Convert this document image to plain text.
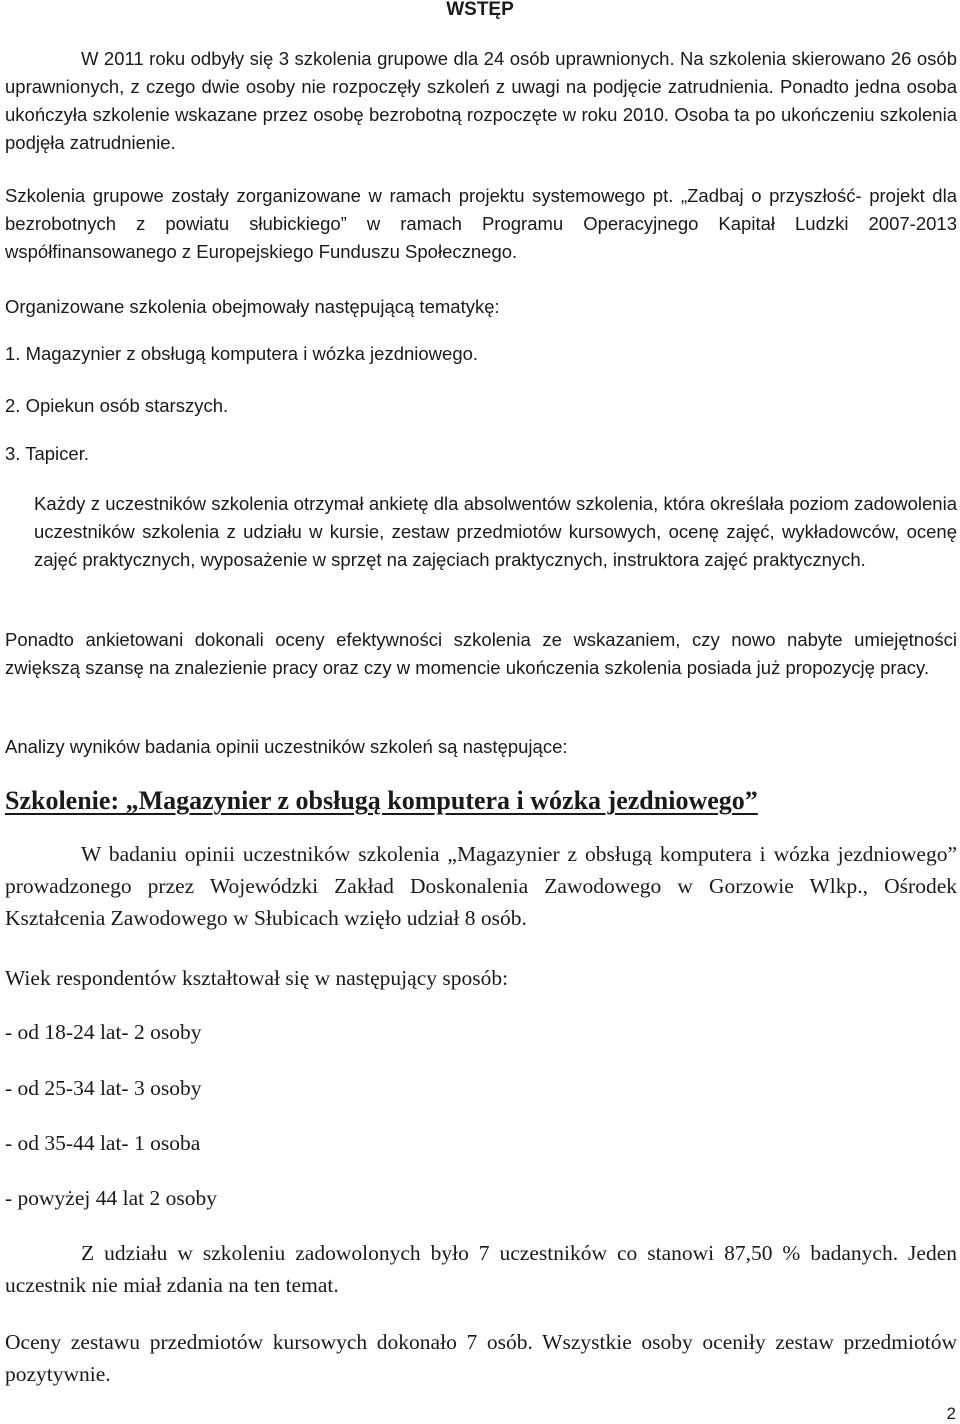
WSTĘP

W 2011 roku odbyły się 3 szkolenia grupowe dla 24 osób uprawnionych. Na szkolenia skierowano 26 osób uprawnionych, z czego dwie osoby nie rozpoczęły szkoleń z uwagi na podjęcie zatrudnienia. Ponadto jedna osoba ukończyła szkolenie wskazane przez osobę bezrobotną rozpoczęte w roku 2010. Osoba ta po ukończeniu szkolenia podjęła zatrudnienie.

Szkolenia grupowe zostały zorganizowane w ramach projektu systemowego pt. „Zadbaj o przyszłość- projekt dla bezrobotnych z powiatu słubickiego” w ramach Programu Operacyjnego Kapitał Ludzki 2007-2013 współfinansowanego z Europejskiego Funduszu Społecznego.

Organizowane szkolenia obejmowały następującą tematykę:

1. Magazynier z obsługą komputera i wózka jezdniowego.

2. Opiekun osób starszych.

3. Tapicer.

Każdy z uczestników szkolenia otrzymał ankietę dla absolwentów szkolenia, która określała poziom zadowolenia uczestników szkolenia z udziału w kursie, zestaw przedmiotów kursowych, ocenę zajęć, wykładowców, ocenę zajęć praktycznych, wyposażenie w sprzęt na zajęciach praktycznych, instruktora zajęć praktycznych.

Ponadto ankietowani dokonali oceny efektywności szkolenia ze wskazaniem, czy nowo nabyte umiejętności zwiększą szansę na znalezienie pracy oraz czy w momencie ukończenia szkolenia posiada już propozycję pracy.

Analizy wyników badania opinii uczestników szkoleń są następujące:

Szkolenie: „Magazynier z obsługą komputera i wózka jezdniowego”

W badaniu opinii uczestników szkolenia „Magazynier z obsługą komputera i wózka jezdniowego” prowadzonego przez Wojewódzki Zakład Doskonalenia Zawodowego w Gorzowie Wlkp., Ośrodek Kształcenia Zawodowego w Słubicach wzięło udział 8 osób.

Wiek respondentów kształtował się w następujący sposób:

- od 18-24 lat- 2 osoby

- od 25-34 lat- 3 osoby

- od 35-44 lat- 1 osoba

- powyżej 44 lat 2 osoby

Z udziału w szkoleniu zadowolonych było 7 uczestników co stanowi 87,50 % badanych. Jeden uczestnik nie miał zdania na ten temat.

Oceny zestawu przedmiotów kursowych dokonało 7 osób. Wszystkie osoby oceniły zestaw przedmiotów pozytywnie.

2
